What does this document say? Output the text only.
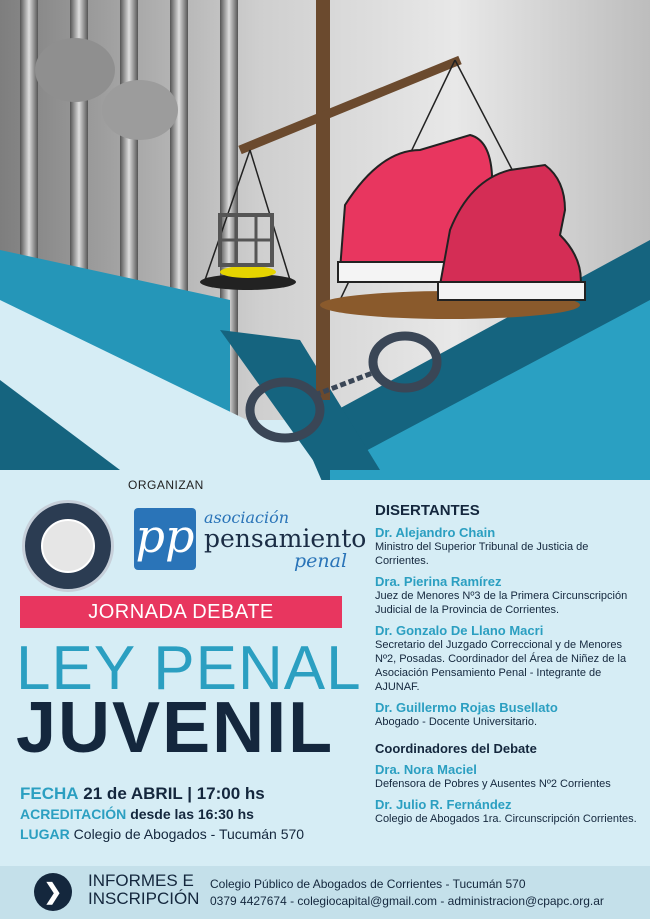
ORGANIZAN
pp asociación
pensamiento
penal
JORNADA DEBATE
LEY PENAL
JUVENIL
FECHA 21 de ABRIL | 17:00 hs
ACREDITACIÓN desde las 16:30 hs
LUGAR Colegio de Abogados - Tucumán 570
DISERTANTES
Dr. Alejandro Chain
Ministro del Superior Tribunal de Justicia de Corrientes.
Dra. Pierina Ramírez
Juez de Menores Nº3 de la Primera Circunscripción Judicial de la Provincia de Corrientes.
Dr. Gonzalo De Llano Macri
Secretario del Juzgado Correccional y de Menores Nº2, Posadas. Coordinador del Área de Niñez de la Asociación Pensamiento Penal - Integrante de AJUNAF.
Dr. Guillermo Rojas Busellato
Abogado - Docente Universitario.
Coordinadores del Debate
Dra. Nora Maciel
Defensora de Pobres y Ausentes Nº2 Corrientes
Dr. Julio R. Fernández
Colegio de Abogados 1ra. Circunscripción Corrientes.
❯	INFORMES E
INSCRIPCIÓN
Colegio Público de Abogados de Corrientes - Tucumán 570
0379 4427674 - colegiocapital@gmail.com - administracion@cpapc.org.ar
